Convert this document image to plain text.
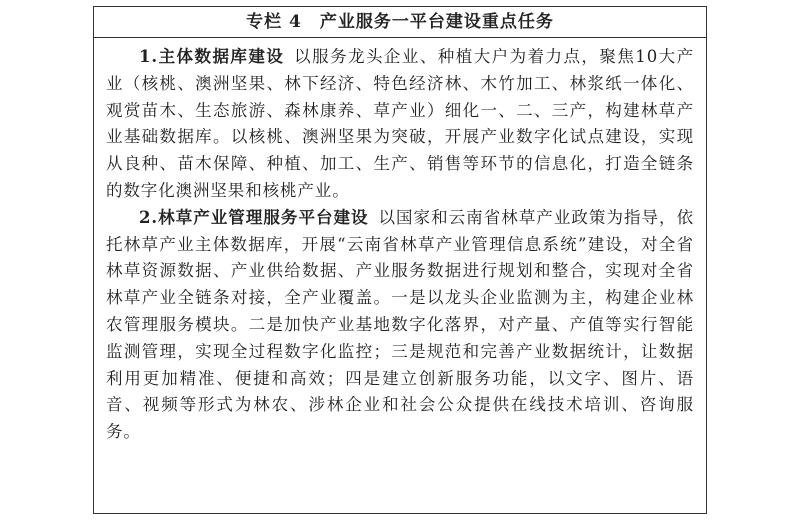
专栏 4 产业服务一平台建设重点任务

1.主体数据库建设 以服务龙头企业、种植大户为着力点，聚焦10大产业（核桃、澳洲坚果、林下经济、特色经济林、木竹加工、林浆纸一体化、观赏苗木、生态旅游、森林康养、草产业）细化一、二、三产，构建林草产业基础数据库。以核桃、澳洲坚果为突破，开展产业数字化试点建设，实现从良种、苗木保障、种植、加工、生产、销售等环节的信息化，打造全链条的数字化澳洲坚果和核桃产业。

2.林草产业管理服务平台建设 以国家和云南省林草产业政策为指导，依托林草产业主体数据库，开展“云南省林草产业管理信息系统”建设，对全省林草资源数据、产业供给数据、产业服务数据进行规划和整合，实现对全省林草产业全链条对接，全产业覆盖。一是以龙头企业监测为主，构建企业林农管理服务模块。二是加快产业基地数字化落界，对产量、产值等实行智能监测管理，实现全过程数字化监控；三是规范和完善产业数据统计，让数据利用更加精准、便捷和高效；四是建立创新服务功能，以文字、图片、语音、视频等形式为林农、涉林企业和社会公众提供在线技术培训、咨询服务。
